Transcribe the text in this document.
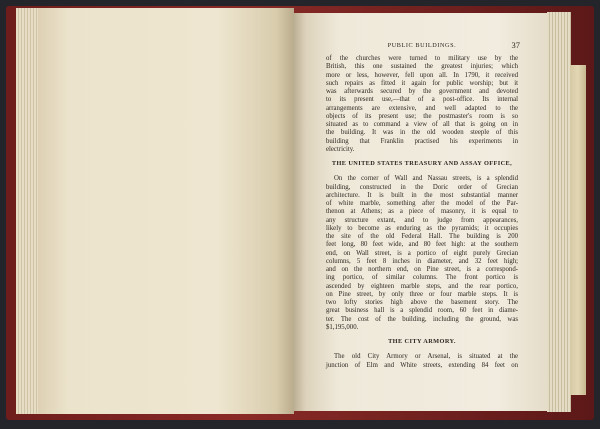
PUBLIC BUILDINGS.	37
of the churches were turned to military use by the
British, this one sustained the greatest injuries; which
more or less, however, fell upon all. In 1790, it received
such repairs as fitted it again for public worship; but it
was afterwards secured by the government and devoted
to its present use,—that of a post-office. Its internal
arrangements are extensive, and well adapted to the
objects of its present use; the postmaster's room is so
situated as to command a view of all that is going on in
the building. It was in the old wooden steeple of this
building that Franklin practised his experiments in
electricity.
THE UNITED STATES TREASURY AND ASSAY OFFICE,
On the corner of Wall and Nassau streets, is a splendid
building, constructed in the Doric order of Grecian
architecture. It is built in the most substantial manner
of white marble, something after the model of the Par-
thenon at Athens; as a piece of masonry, it is equal to
any structure extant, and to judge from appearances,
likely to become as enduring as the pyramids; it occupies
the site of the old Federal Hall. The building is 200
feet long, 80 feet wide, and 80 feet high: at the southern
end, on Wall street, is a portico of eight purely Grecian
columns, 5 feet 8 inches in diameter, and 32 feet high;
and on the northern end, on Pine street, is a correspond-
ing portico, of similar columns. The front portico is
ascended by eighteen marble steps, and the rear portico,
on Pine street, by only three or four marble steps. It is
two lofty stories high above the basement story. The
great business hall is a splendid room, 60 feet in diame-
ter. The cost of the building, including the ground, was
$1,195,000.
THE CITY ARMORY.
The old City Armory or Arsenal, is situated at the
junction of Elm and White streets, extending 84 feet on
